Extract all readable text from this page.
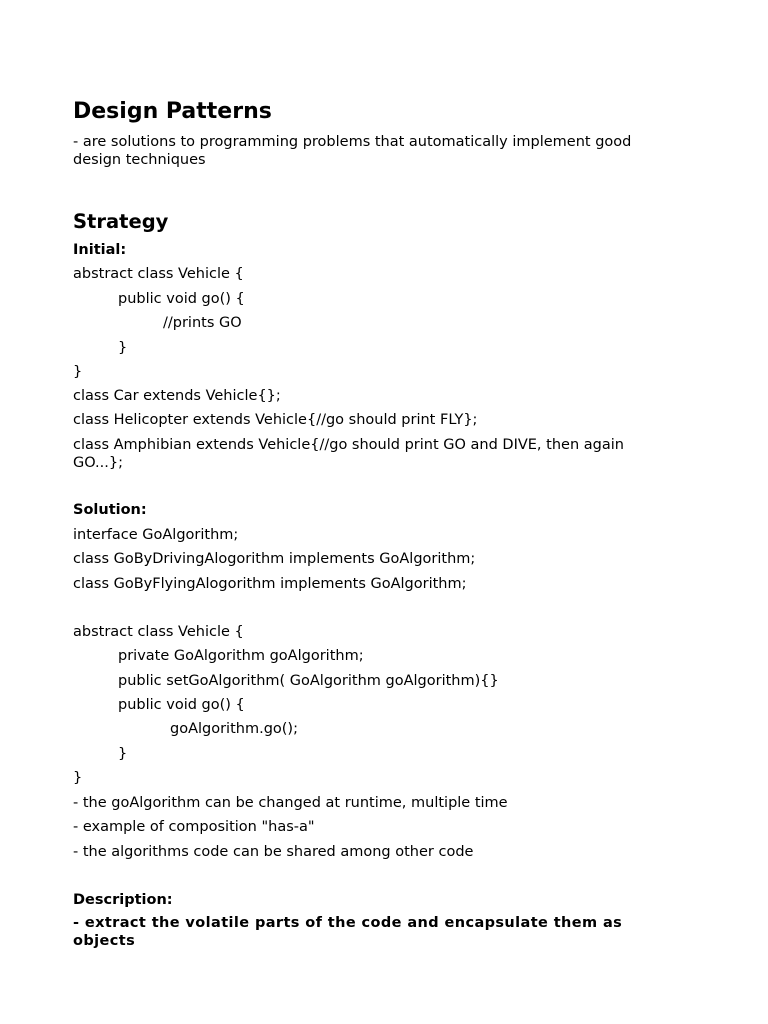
Design Patterns
- are solutions to programming problems that automatically implement good
design techniques
Strategy
Initial:
abstract class Vehicle {
public void go() {
//prints GO
}
}
class Car extends Vehicle{};
class Helicopter extends Vehicle{//go should print FLY};
class Amphibian extends Vehicle{//go should print GO and DIVE, then again
GO...};
Solution:
interface GoAlgorithm;
class GoByDrivingAlogorithm implements GoAlgorithm;
class GoByFlyingAlogorithm implements GoAlgorithm;
abstract class Vehicle {
private GoAlgorithm goAlgorithm;
public setGoAlgorithm( GoAlgorithm goAlgorithm){}
public void go() {
goAlgorithm.go();
}
}
- the goAlgorithm can be changed at runtime, multiple time
- example of composition "has-a"
- the algorithms code can be shared among other code
Description:
- extract the volatile parts of the code and encapsulate them as
objects
